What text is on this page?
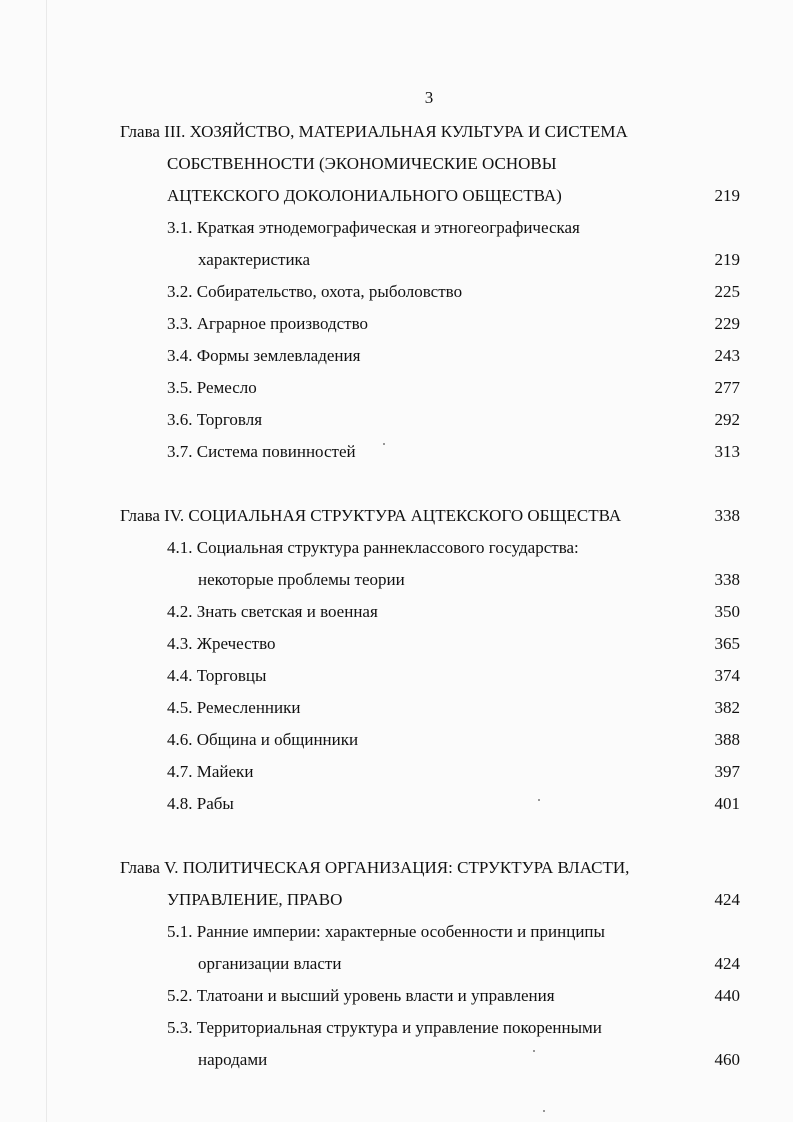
3
Глава III. ХОЗЯЙСТВО, МАТЕРИАЛЬНАЯ КУЛЬТУРА И СИСТЕМА
СОБСТВЕННОСТИ (ЭКОНОМИЧЕСКИЕ ОСНОВЫ
АЦТЕКСКОГО ДОКОЛОНИАЛЬНОГО ОБЩЕСТВА)	219
3.1. Краткая этнодемографическая и этногеографическая
характеристика	219
3.2. Собирательство, охота, рыболовство	225
3.3. Аграрное производство	229
3.4. Формы землевладения	243
3.5. Ремесло	277
3.6. Торговля	292
3.7. Система повинностей	313
Глава IV. СОЦИАЛЬНАЯ СТРУКТУРА АЦТЕКСКОГО ОБЩЕСТВА	338
4.1. Социальная структура раннеклассового государства:
некоторые проблемы теории	338
4.2. Знать светская и военная	350
4.3. Жречество	365
4.4. Торговцы	374
4.5. Ремесленники	382
4.6. Община и общинники	388
4.7. Майеки	397
4.8. Рабы	401
Глава V. ПОЛИТИЧЕСКАЯ ОРГАНИЗАЦИЯ: СТРУКТУРА ВЛАСТИ,
УПРАВЛЕНИЕ, ПРАВО	424
5.1. Ранние империи: характерные особенности и принципы
организации власти	424
5.2. Тлатоани и высший уровень власти и управления	440
5.3. Территориальная структура и управление покоренными
народами	460
